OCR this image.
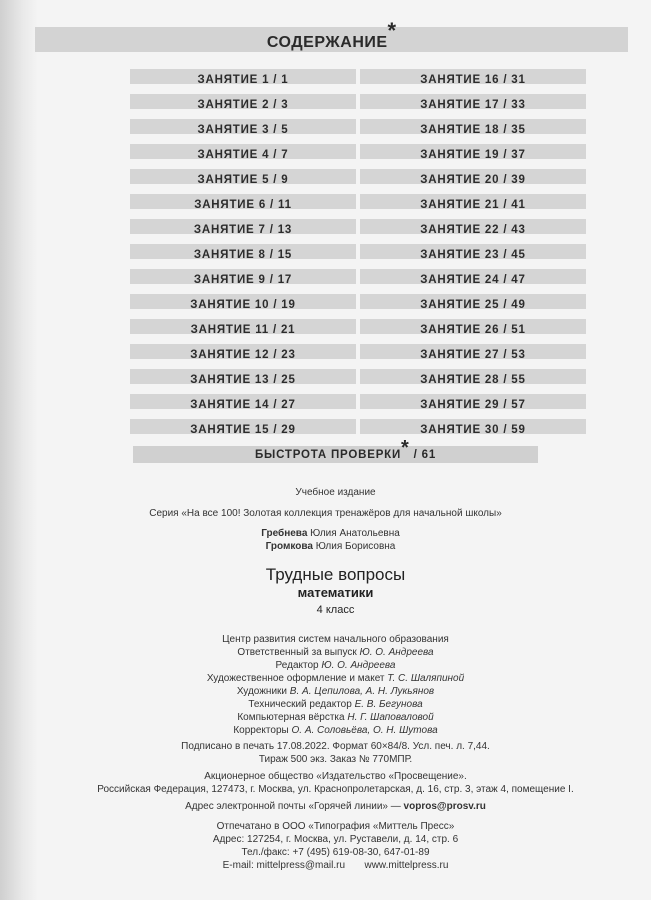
СОДЕРЖАНИЕ*
ЗАНЯТИЕ 1 / 1
ЗАНЯТИЕ 2 / 3
ЗАНЯТИЕ 3 / 5
ЗАНЯТИЕ 4 / 7
ЗАНЯТИЕ 5 / 9
ЗАНЯТИЕ 6 / 11
ЗАНЯТИЕ 7 / 13
ЗАНЯТИЕ 8 / 15
ЗАНЯТИЕ 9 / 17
ЗАНЯТИЕ 10 / 19
ЗАНЯТИЕ 11 / 21
ЗАНЯТИЕ 12 / 23
ЗАНЯТИЕ 13 / 25
ЗАНЯТИЕ 14 / 27
ЗАНЯТИЕ 15 / 29
ЗАНЯТИЕ 16 / 31
ЗАНЯТИЕ 17 / 33
ЗАНЯТИЕ 18 / 35
ЗАНЯТИЕ 19 / 37
ЗАНЯТИЕ 20 / 39
ЗАНЯТИЕ 21 / 41
ЗАНЯТИЕ 22 / 43
ЗАНЯТИЕ 23 / 45
ЗАНЯТИЕ 24 / 47
ЗАНЯТИЕ 25 / 49
ЗАНЯТИЕ 26 / 51
ЗАНЯТИЕ 27 / 53
ЗАНЯТИЕ 28 / 55
ЗАНЯТИЕ 29 / 57
ЗАНЯТИЕ 30 / 59
БЫСТРОТА ПРОВЕРКИ* / 61
Учебное издание
Серия «На все 100! Золотая коллекция тренажёров для начальной школы»
Гребнева Юлия Анатольевна
Громкова Юлия Борисовна
Трудные вопросы
математики
4 класс
Центр развития систем начального образования
Ответственный за выпуск Ю. О. Андреева
Редактор Ю. О. Андреева
Художественное оформление и макет Т. С. Шаляпиной
Художники В. А. Цепилова, А. Н. Лукьянов
Технический редактор Е. В. Бегунова
Компьютерная вёрстка Н. Г. Шаповаловой
Корректоры О. А. Соловьёва, О. Н. Шутова
Подписано в печать 17.08.2022. Формат 60×84/8. Усл. печ. л. 7,44.
Тираж 500 экз. Заказ № 770МПР.
Акционерное общество «Издательство «Просвещение».
Российская Федерация, 127473, г. Москва, ул. Краснопролетарская, д. 16, стр. 3, этаж 4, помещение I.
Адрес электронной почты «Горячей линии» — vopros@prosv.ru
Отпечатано в ООО «Типография «Миттель Пресс»
Адрес: 127254, г. Москва, ул. Руставели, д. 14, стр. 6
Тел./факс: +7 (495) 619-08-30, 647-01-89
E-mail: mittelpress@mail.ru www.mittelpress.ru
